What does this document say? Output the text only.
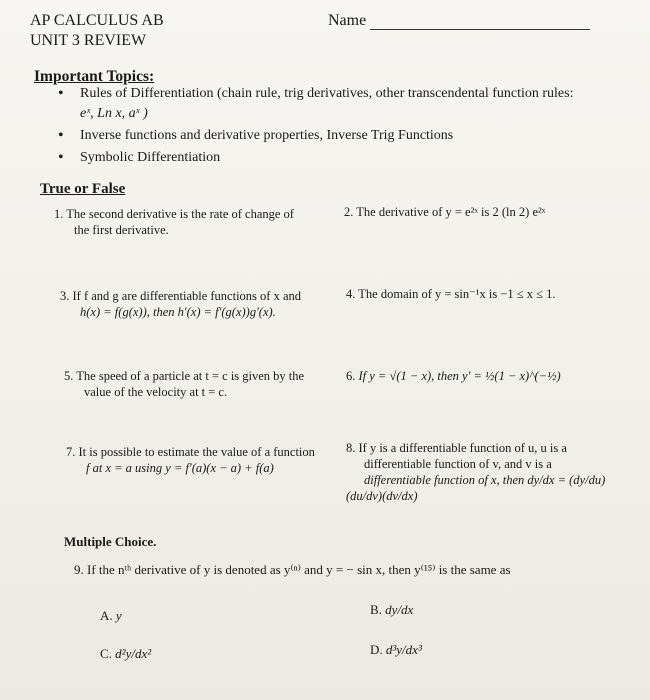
AP CALCULUS AB
UNIT 3 REVIEW
Name
Important Topics:
• Rules of Differentiation (chain rule, trig derivatives, other transcendental function rules:
eˣ, Ln x, aˣ )
• Inverse functions and derivative properties, Inverse Trig Functions
• Symbolic Differentiation
True or False
1. The second derivative is the rate of change of
the first derivative.
2. The derivative of y = e²ˣ is 2 (ln 2) e²ˣ
3. If f and g are differentiable functions of x and
h(x) = f(g(x)), then h′(x) = f′(g(x))g′(x).
4. The domain of y = sin⁻¹x is −1 ≤ x ≤ 1.
5. The speed of a particle at t = c is given by the
value of the velocity at t = c.
6. If y = √(1 − x), then y′ = ½(1 − x)^(−½)
7. It is possible to estimate the value of a function
f at x = a using y = f′(a)(x − a) + f(a)
8. If y is a differentiable function of u, u is a
differentiable function of v, and v is a
differentiable function of x, then dy/dx = (dy/du)(du/dv)(dv/dx)
Multiple Choice.
9. If the nᵗʰ derivative of y is denoted as y⁽ⁿ⁾ and y = − sin x, then y⁽¹⁵⁾ is the same as
A. y	B. dy/dx
C. d²y/dx²	D. d³y/dx³
